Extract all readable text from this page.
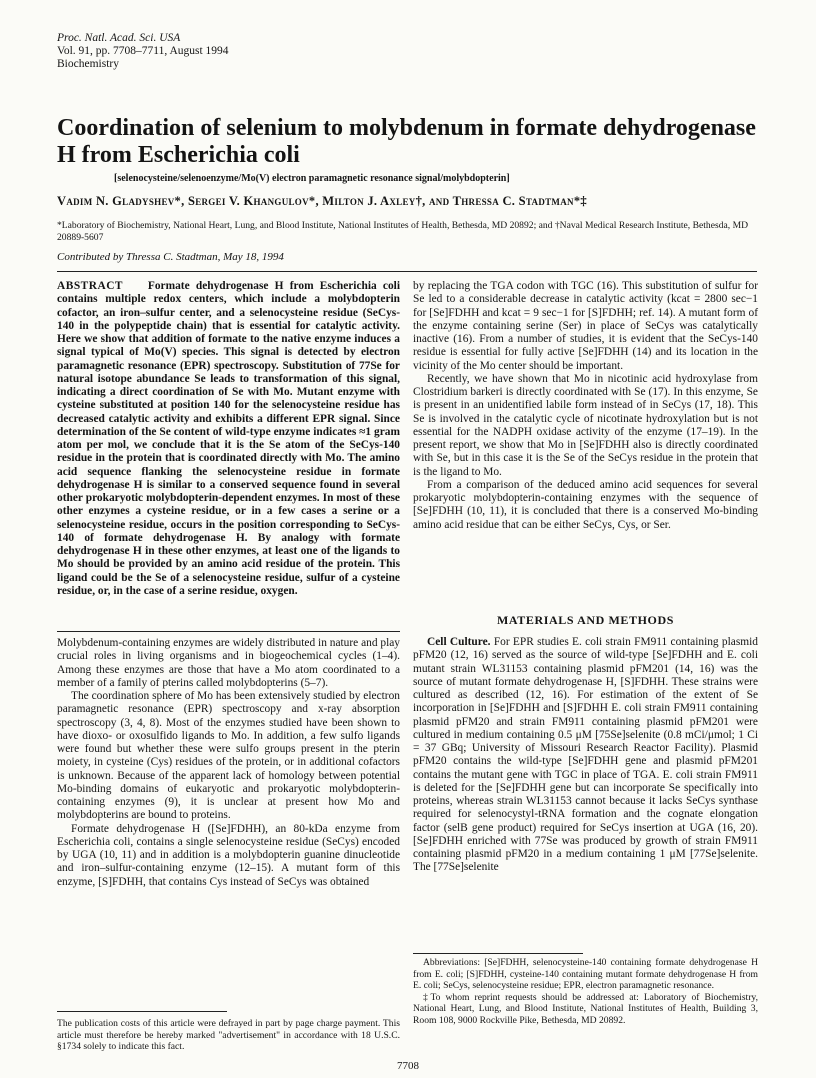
Proc. Natl. Acad. Sci. USA
Vol. 91, pp. 7708–7711, August 1994
Biochemistry
Coordination of selenium to molybdenum in formate dehydrogenase H from Escherichia coli
[selenocysteine/selenoenzyme/Mo(V) electron paramagnetic resonance signal/molybdopterin]
Vadim N. Gladyshev*, Sergei V. Khangulov*, Milton J. Axley†, and Thressa C. Stadtman*‡
*Laboratory of Biochemistry, National Heart, Lung, and Blood Institute, National Institutes of Health, Bethesda, MD 20892; and †Naval Medical Research Institute, Bethesda, MD 20889-5607
Contributed by Thressa C. Stadtman, May 18, 1994
ABSTRACT Formate dehydrogenase H from Escherichia coli contains multiple redox centers, which include a molybdopterin cofactor, an iron–sulfur center, and a selenocysteine residue (SeCys-140 in the polypeptide chain) that is essential for catalytic activity. Here we show that addition of formate to the native enzyme induces a signal typical of Mo(V) species. This signal is detected by electron paramagnetic resonance (EPR) spectroscopy. Substitution of 77Se for natural isotope abundance Se leads to transformation of this signal, indicating a direct coordination of Se with Mo. Mutant enzyme with cysteine substituted at position 140 for the selenocysteine residue has decreased catalytic activity and exhibits a different EPR signal. Since determination of the Se content of wild-type enzyme indicates ≈1 gram atom per mol, we conclude that it is the Se atom of the SeCys-140 residue in the protein that is coordinated directly with Mo. The amino acid sequence flanking the selenocysteine residue in formate dehydrogenase H is similar to a conserved sequence found in several other prokaryotic molybdopterin-dependent enzymes. In most of these other enzymes a cysteine residue, or in a few cases a serine or a selenocysteine residue, occurs in the position corresponding to SeCys-140 of formate dehydrogenase H. By analogy with formate dehydrogenase H in these other enzymes, at least one of the ligands to Mo should be provided by an amino acid residue of the protein. This ligand could be the Se of a selenocysteine residue, sulfur of a cysteine residue, or, in the case of a serine residue, oxygen.

Molybdenum-containing enzymes are widely distributed in nature and play crucial roles in living organisms and in biogeochemical cycles (1–4). Among these enzymes are those that have a Mo atom coordinated to a member of a family of pterins called molybdopterins (5–7).

The coordination sphere of Mo has been extensively studied by electron paramagnetic resonance (EPR) spectroscopy and x-ray absorption spectroscopy (3, 4, 8). Most of the enzymes studied have been shown to have dioxo- or oxosulfido ligands to Mo. In addition, a few sulfo ligands were found but whether these were sulfo groups present in the pterin moiety, in cysteine (Cys) residues of the protein, or in additional cofactors is unknown. Because of the apparent lack of homology between potential Mo-binding domains of eukaryotic and prokaryotic molybdopterin-containing enzymes (9), it is unclear at present how Mo and molybdopterins are bound to proteins.

Formate dehydrogenase H ([Se]FDHH), an 80-kDa enzyme from Escherichia coli, contains a single selenocysteine residue (SeCys) encoded by UGA (10, 11) and in addition is a molybdopterin guanine dinucleotide and iron–sulfur-containing enzyme (12–15). A mutant form of this enzyme, [S]FDHH, that contains Cys instead of SeCys was obtained

by replacing the TGA codon with TGC (16). This substitution of sulfur for Se led to a considerable decrease in catalytic activity (kcat = 2800 sec−1 for [Se]FDHH and kcat = 9 sec−1 for [S]FDHH; ref. 14). A mutant form of the enzyme containing serine (Ser) in place of SeCys was catalytically inactive (16). From a number of studies, it is evident that the SeCys-140 residue is essential for fully active [Se]FDHH (14) and its location in the vicinity of the Mo center should be important.

Recently, we have shown that Mo in nicotinic acid hydroxylase from Clostridium barkeri is directly coordinated with Se (17). In this enzyme, Se is present in an unidentified labile form instead of in SeCys (17, 18). This Se is involved in the catalytic cycle of nicotinate hydroxylation but is not essential for the NADPH oxidase activity of the enzyme (17–19). In the present report, we show that Mo in [Se]FDHH also is directly coordinated with Se, but in this case it is the Se of the SeCys residue in the protein that is the ligand to Mo.

From a comparison of the deduced amino acid sequences for several prokaryotic molybdopterin-containing enzymes with the sequence of [Se]FDHH (10, 11), it is concluded that there is a conserved Mo-binding amino acid residue that can be either SeCys, Cys, or Ser.

MATERIALS AND METHODS

Cell Culture. For EPR studies E. coli strain FM911 containing plasmid pFM20 (12, 16) served as the source of wild-type [Se]FDHH and E. coli mutant strain WL31153 containing plasmid pFM201 (14, 16) was the source of mutant formate dehydrogenase H, [S]FDHH. These strains were cultured as described (12, 16). For estimation of the extent of Se incorporation in [Se]FDHH and [S]FDHH E. coli strain FM911 containing plasmid pFM20 and strain FM911 containing plasmid pFM201 were cultured in medium containing 0.5 μM [75Se]selenite (0.8 mCi/μmol; 1 Ci = 37 GBq; University of Missouri Research Reactor Facility). Plasmid pFM20 contains the wild-type [Se]FDHH gene and plasmid pFM201 contains the mutant gene with TGC in place of TGA. E. coli strain FM911 is deleted for the [Se]FDHH gene but can incorporate Se specifically into proteins, whereas strain WL31153 cannot because it lacks SeCys synthase required for selenocystyl-tRNA formation and the cognate elongation factor (selB gene product) required for SeCys insertion at UGA (16, 20). [Se]FDHH enriched with 77Se was produced by growth of strain FM911 containing plasmid pFM20 in a medium containing 1 μM [77Se]selenite. The [77Se]selenite

Abbreviations: [Se]FDHH, selenocysteine-140 containing formate dehydrogenase H from E. coli; [S]FDHH, cysteine-140 containing mutant formate dehydrogenase H from E. coli; SeCys, selenocysteine residue; EPR, electron paramagnetic resonance.
‡To whom reprint requests should be addressed at: Laboratory of Biochemistry, National Heart, Lung, and Blood Institute, National Institutes of Health, Building 3, Room 108, 9000 Rockville Pike, Bethesda, MD 20892.
The publication costs of this article were defrayed in part by page charge payment. This article must therefore be hereby marked "advertisement" in accordance with 18 U.S.C. §1734 solely to indicate this fact.
7708
